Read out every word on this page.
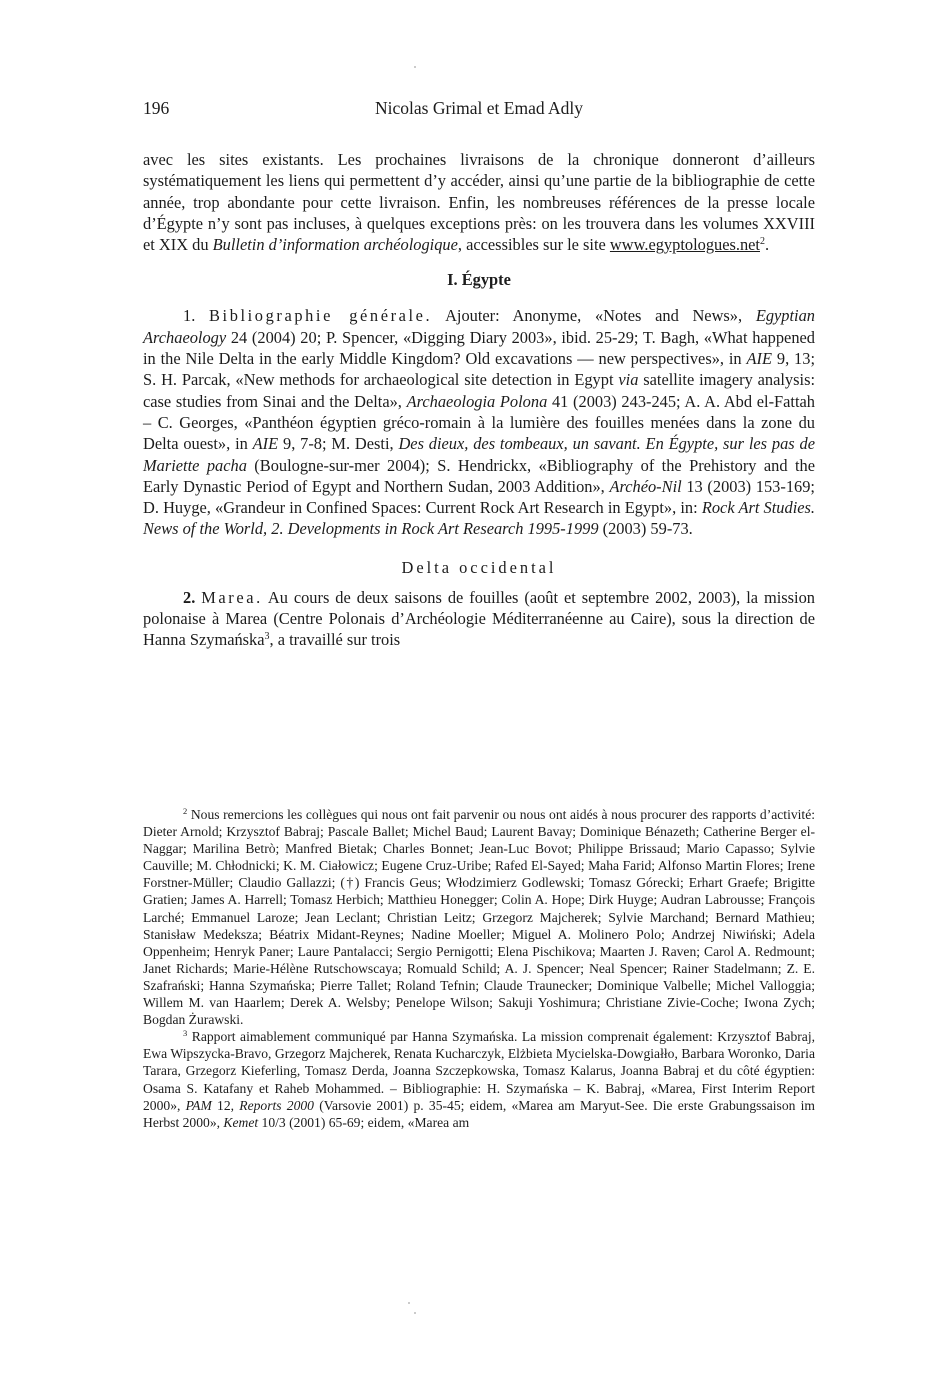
196	Nicolas Grimal et Emad Adly

avec les sites existants. Les prochaines livraisons de la chronique donneront d’ailleurs systématiquement les liens qui permettent d’y accéder, ainsi qu’une partie de la bibliographie de cette année, trop abondante pour cette livraison. Enfin, les nombreuses références de la presse locale d’Égypte n’y sont pas incluses, à quelques exceptions près: on les trouvera dans les volumes XXVIII et XIX du Bulletin d’information archéologique, accessibles sur le site www.egyptologues.net$^2$.

I. Égypte

1. Bibliographie générale. Ajouter: Anonyme, «Notes and News», Egyptian Archaeology 24 (2004) 20; P. Spencer, «Digging Diary 2003», ibid. 25-29; T. Bagh, «What happened in the Nile Delta in the early Middle Kingdom? Old excavations — new perspectives», in AIE 9, 13; S. H. Parcak, «New methods for archaeological site detection in Egypt via satellite imagery analysis: case studies from Sinai and the Delta», Archaeologia Polona 41 (2003) 243-245; A. A. Abd el-Fattah – C. Georges, «Panthéon égyptien gréco-romain à la lumière des fouilles menées dans la zone du Delta ouest», in AIE 9, 7-8; M. Desti, Des dieux, des tombeaux, un savant. En Égypte, sur les pas de Mariette pacha (Boulogne-sur-mer 2004); S. Hendrickx, «Bibliography of the Prehistory and the Early Dynastic Period of Egypt and Northern Sudan, 2003 Addition», Archéo-Nil 13 (2003) 153-169; D. Huyge, «Grandeur in Confined Spaces: Current Rock Art Research in Egypt», in: Rock Art Studies. News of the World, 2. Developments in Rock Art Research 1995-1999 (2003) 59-73.

Delta occidental

2. Marea. Au cours de deux saisons de fouilles (août et septembre 2002, 2003), la mission polonaise à Marea (Centre Polonais d’Archéologie Méditerranéenne au Caire), sous la direction de Hanna Szymańska$^3$, a travaillé sur trois

$^2$ Nous remercions les collègues qui nous ont fait parvenir ou nous ont aidés à nous procurer des rapports d’activité: Dieter Arnold; Krzysztof Babraj; Pascale Ballet; Michel Baud; Laurent Bavay; Dominique Bénazeth; Catherine Berger el-Naggar; Marilina Betrò; Manfred Bietak; Charles Bonnet; Jean-Luc Bovot; Philippe Brissaud; Mario Capasso; Sylvie Cauville; M. Chłodnicki; K. M. Ciałowicz; Eugene Cruz-Uribe; Rafed El-Sayed; Maha Farid; Alfonso Martin Flores; Irene Forstner-Müller; Claudio Gallazzi; (†) Francis Geus; Włodzimierz Godlewski; Tomasz Górecki; Erhart Graefe; Brigitte Gratien; James A. Harrell; Tomasz Herbich; Matthieu Honegger; Colin A. Hope; Dirk Huyge; Audran Labrousse; François Larché; Emmanuel Laroze; Jean Leclant; Christian Leitz; Grzegorz Majcherek; Sylvie Marchand; Bernard Mathieu; Stanisław Medeksza; Béatrix Midant-Reynes; Nadine Moeller; Miguel A. Molinero Polo; Andrzej Niwiński; Adela Oppenheim; Henryk Paner; Laure Pantalacci; Sergio Pernigotti; Elena Pischikova; Maarten J. Raven; Carol A. Redmount; Janet Richards; Marie-Hélène Rutschowscaya; Romuald Schild; A. J. Spencer; Neal Spencer; Rainer Stadelmann; Z. E. Szafrański; Hanna Szymańska; Pierre Tallet; Roland Tefnin; Claude Traunecker; Dominique Valbelle; Michel Valloggia; Willem M. van Haarlem; Derek A. Welsby; Penelope Wilson; Sakuji Yoshimura; Christiane Zivie-Coche; Iwona Zych; Bogdan Żurawski.

$^3$ Rapport aimablement communiqué par Hanna Szymańska. La mission comprenait également: Krzysztof Babraj, Ewa Wipszycka-Bravo, Grzegorz Majcherek, Renata Kucharczyk, Elżbieta Mycielska-Dowgiałło, Barbara Woronko, Daria Tarara, Grzegorz Kieferling, Tomasz Derda, Joanna Szczepkowska, Tomasz Kalarus, Joanna Babraj et du côté égyptien: Osama S. Katafany et Raheb Mohammed. – Bibliographie: H. Szymańska – K. Babraj, «Marea, First Interim Report 2000», PAM 12, Reports 2000 (Varsovie 2001) p. 35-45; eidem, «Marea am Maryut-See. Die erste Grabungssaison im Herbst 2000», Kemet 10/3 (2001) 65-69; eidem, «Marea am
